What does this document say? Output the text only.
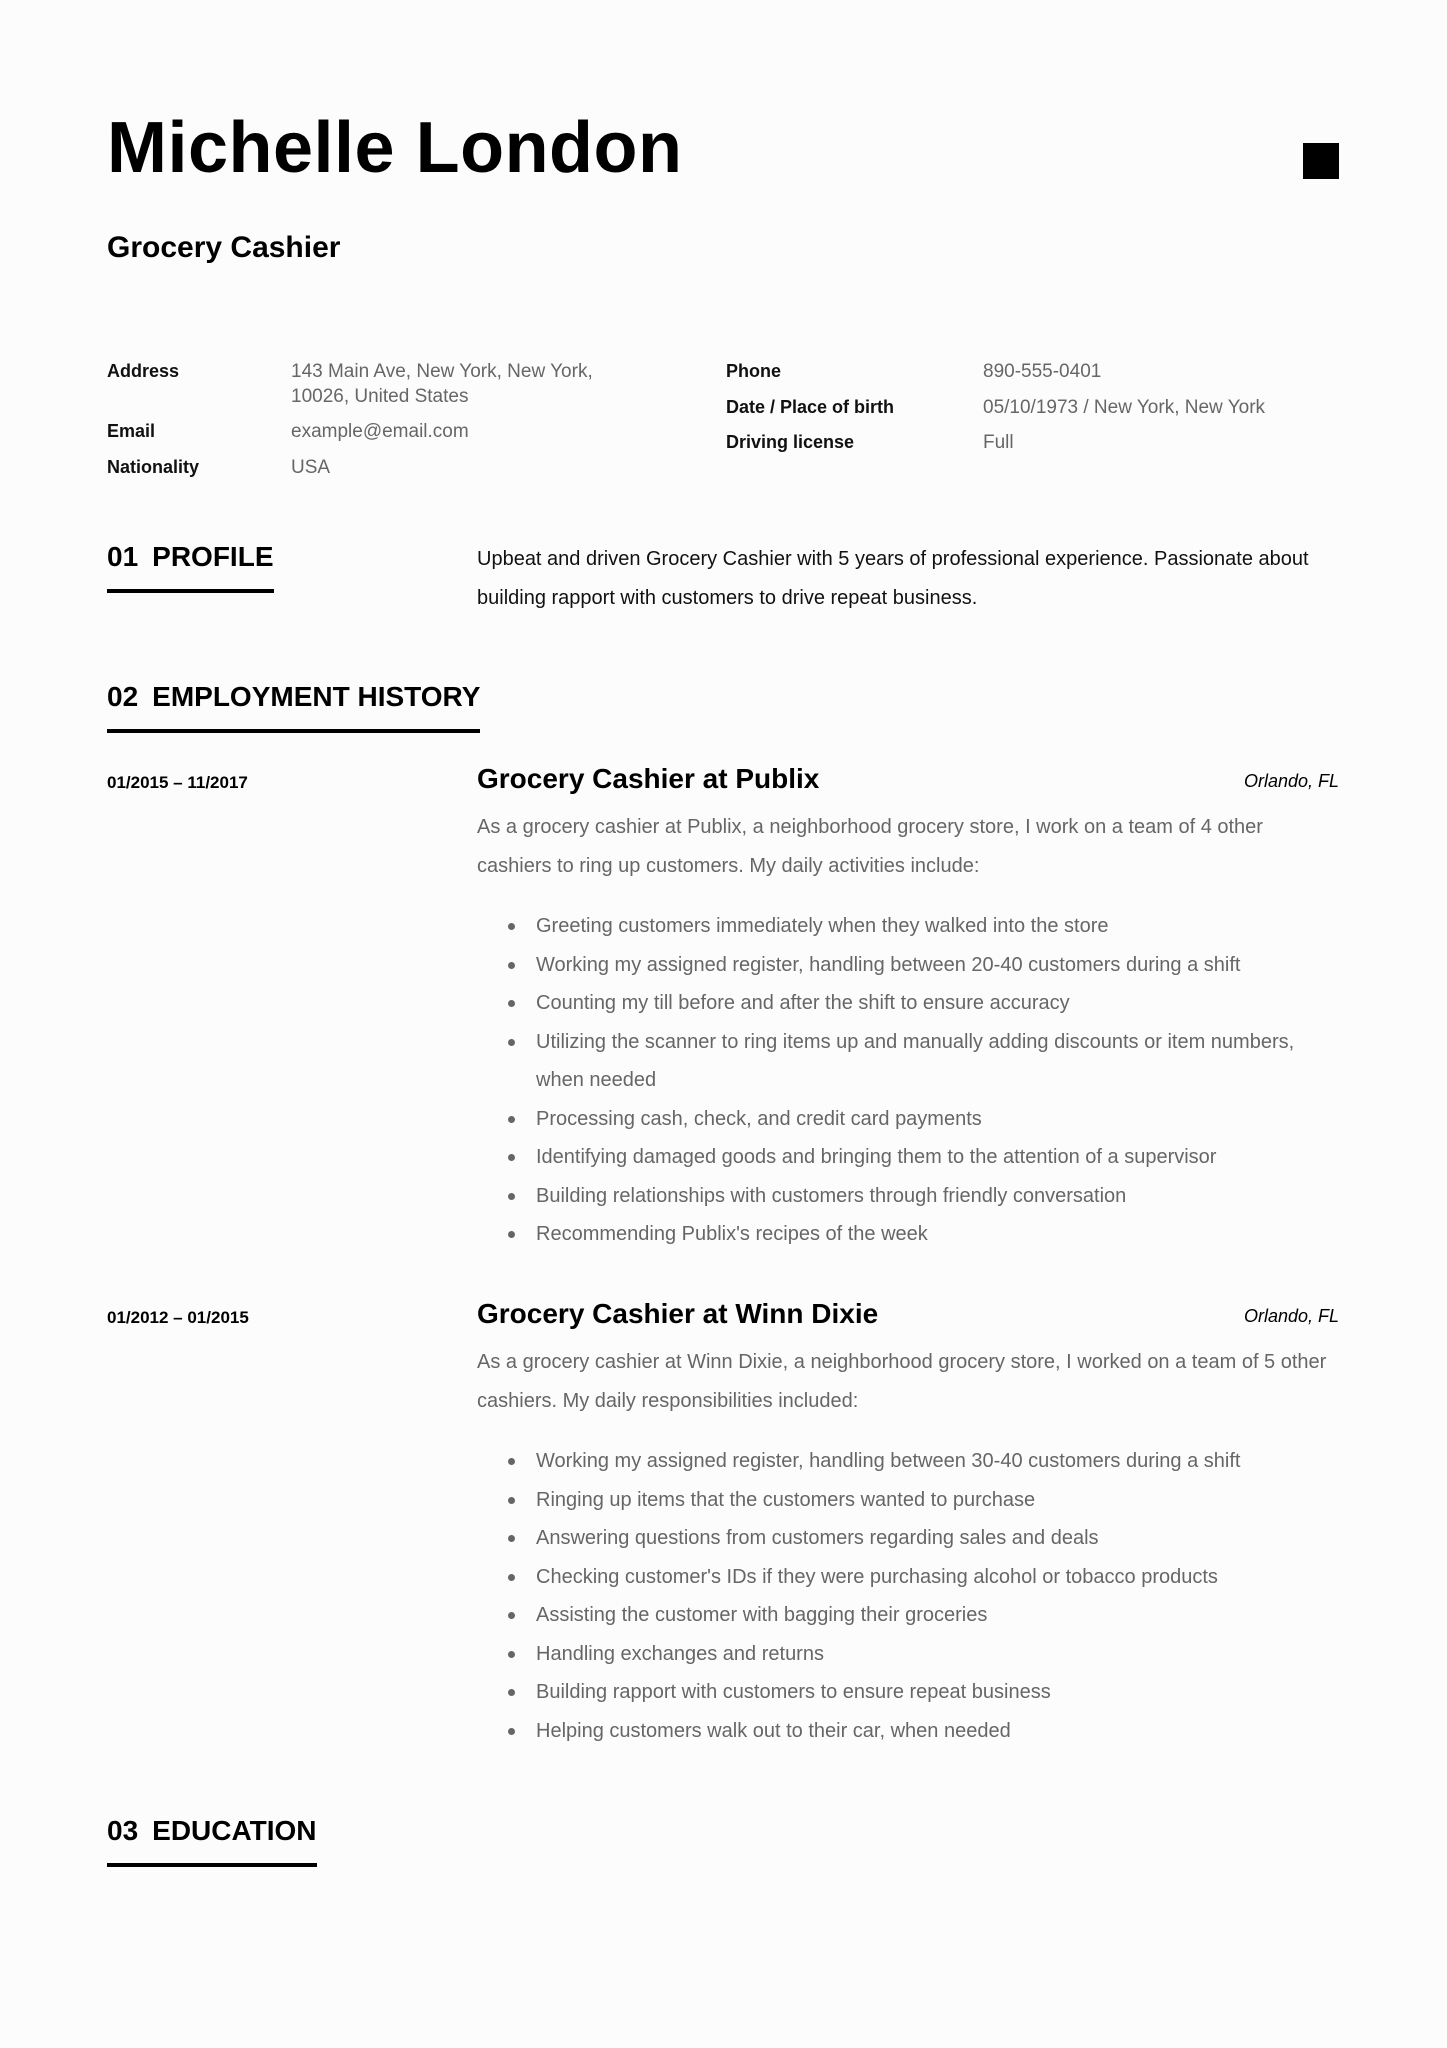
Michelle London
Grocery Cashier
Address	143 Main Ave, New York, New York,
10026, United States
Email	example@email.com
Nationality	USA
Phone	890-555-0401
Date / Place of birth	05/10/1973 / New York, New York
Driving license	Full
01 PROFILE	Upbeat and driven Grocery Cashier with 5 years of professional experience. Passionate about building rapport with customers to drive repeat business.
02 EMPLOYMENT HISTORY
01/2015 – 11/2017	Grocery Cashier at Publix	Orlando, FL
As a grocery cashier at Publix, a neighborhood grocery store, I work on a team of 4 other cashiers to ring up customers. My daily activities include:
Greeting customers immediately when they walked into the store
Working my assigned register, handling between 20-40 customers during a shift
Counting my till before and after the shift to ensure accuracy
Utilizing the scanner to ring items up and manually adding discounts or item numbers, when needed
Processing cash, check, and credit card payments
Identifying damaged goods and bringing them to the attention of a supervisor
Building relationships with customers through friendly conversation
Recommending Publix's recipes of the week
01/2012 – 01/2015	Grocery Cashier at Winn Dixie	Orlando, FL
As a grocery cashier at Winn Dixie, a neighborhood grocery store, I worked on a team of 5 other cashiers. My daily responsibilities included:
Working my assigned register, handling between 30-40 customers during a shift
Ringing up items that the customers wanted to purchase
Answering questions from customers regarding sales and deals
Checking customer's IDs if they were purchasing alcohol or tobacco products
Assisting the customer with bagging their groceries
Handling exchanges and returns
Building rapport with customers to ensure repeat business
Helping customers walk out to their car, when needed
03 EDUCATION
